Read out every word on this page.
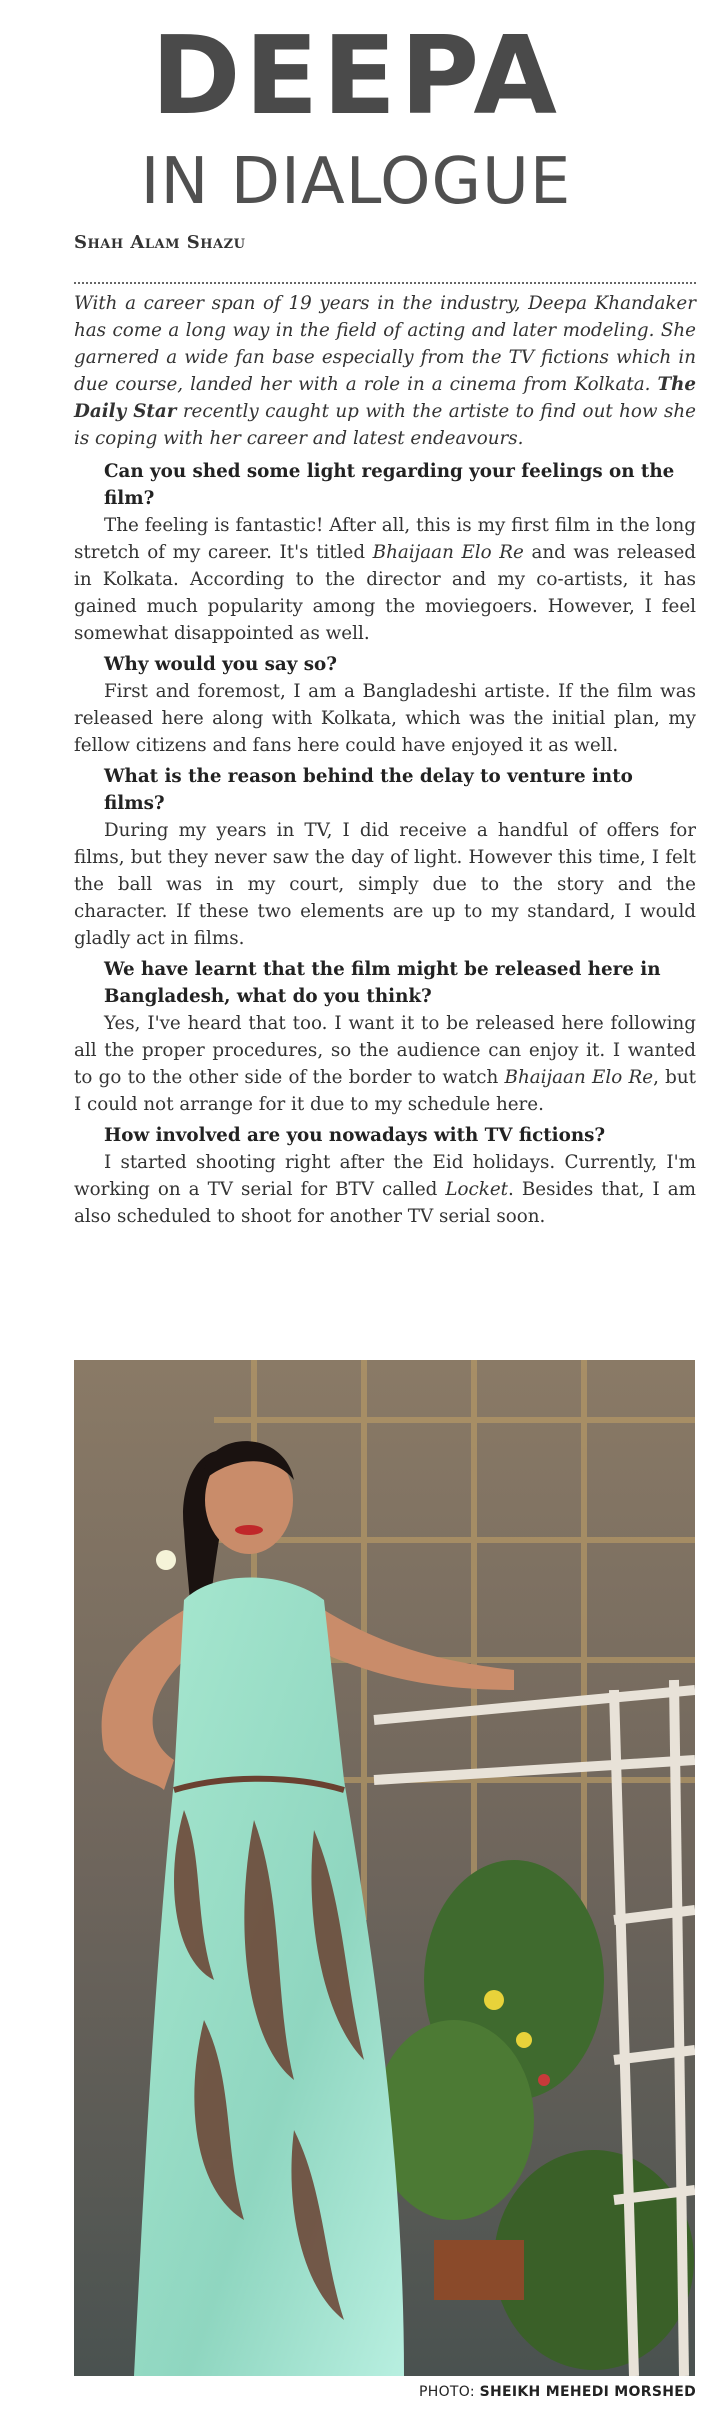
DEEPA
IN DIALOGUE
Shah Alam Shazu

With a career span of 19 years in the industry, Deepa Khandaker has come a long way in the field of acting and later modeling. She garnered a wide fan base especially from the TV fictions which in due course, landed her with a role in a cinema from Kolkata. The Daily Star recently caught up with the artiste to find out how she is coping with her career and latest endeavours.

Can you shed some light regarding your feelings on the film?

The feeling is fantastic! After all, this is my first film in the long stretch of my career. It's titled Bhaijaan Elo Re and was released in Kolkata. According to the director and my co-artists, it has gained much popularity among the moviegoers. However, I feel somewhat disappointed as well.

Why would you say so?

First and foremost, I am a Bangladeshi artiste. If the film was released here along with Kolkata, which was the initial plan, my fellow citizens and fans here could have enjoyed it as well.

What is the reason behind the delay to venture into films?

During my years in TV, I did receive a handful of offers for films, but they never saw the day of light. However this time, I felt the ball was in my court, simply due to the story and the character. If these two elements are up to my standard, I would gladly act in films.

We have learnt that the film might be released here in Bangladesh, what do you think?

Yes, I've heard that too. I want it to be released here following all the proper procedures, so the audience can enjoy it. I wanted to go to the other side of the border to watch Bhaijaan Elo Re, but I could not arrange for it due to my schedule here.

How involved are you nowadays with TV fictions?

I started shooting right after the Eid holidays. Currently, I'm working on a TV serial for BTV called Locket. Besides that, I am also scheduled to shoot for another TV serial soon.

PHOTO: SHEIKH MEHEDI MORSHED
